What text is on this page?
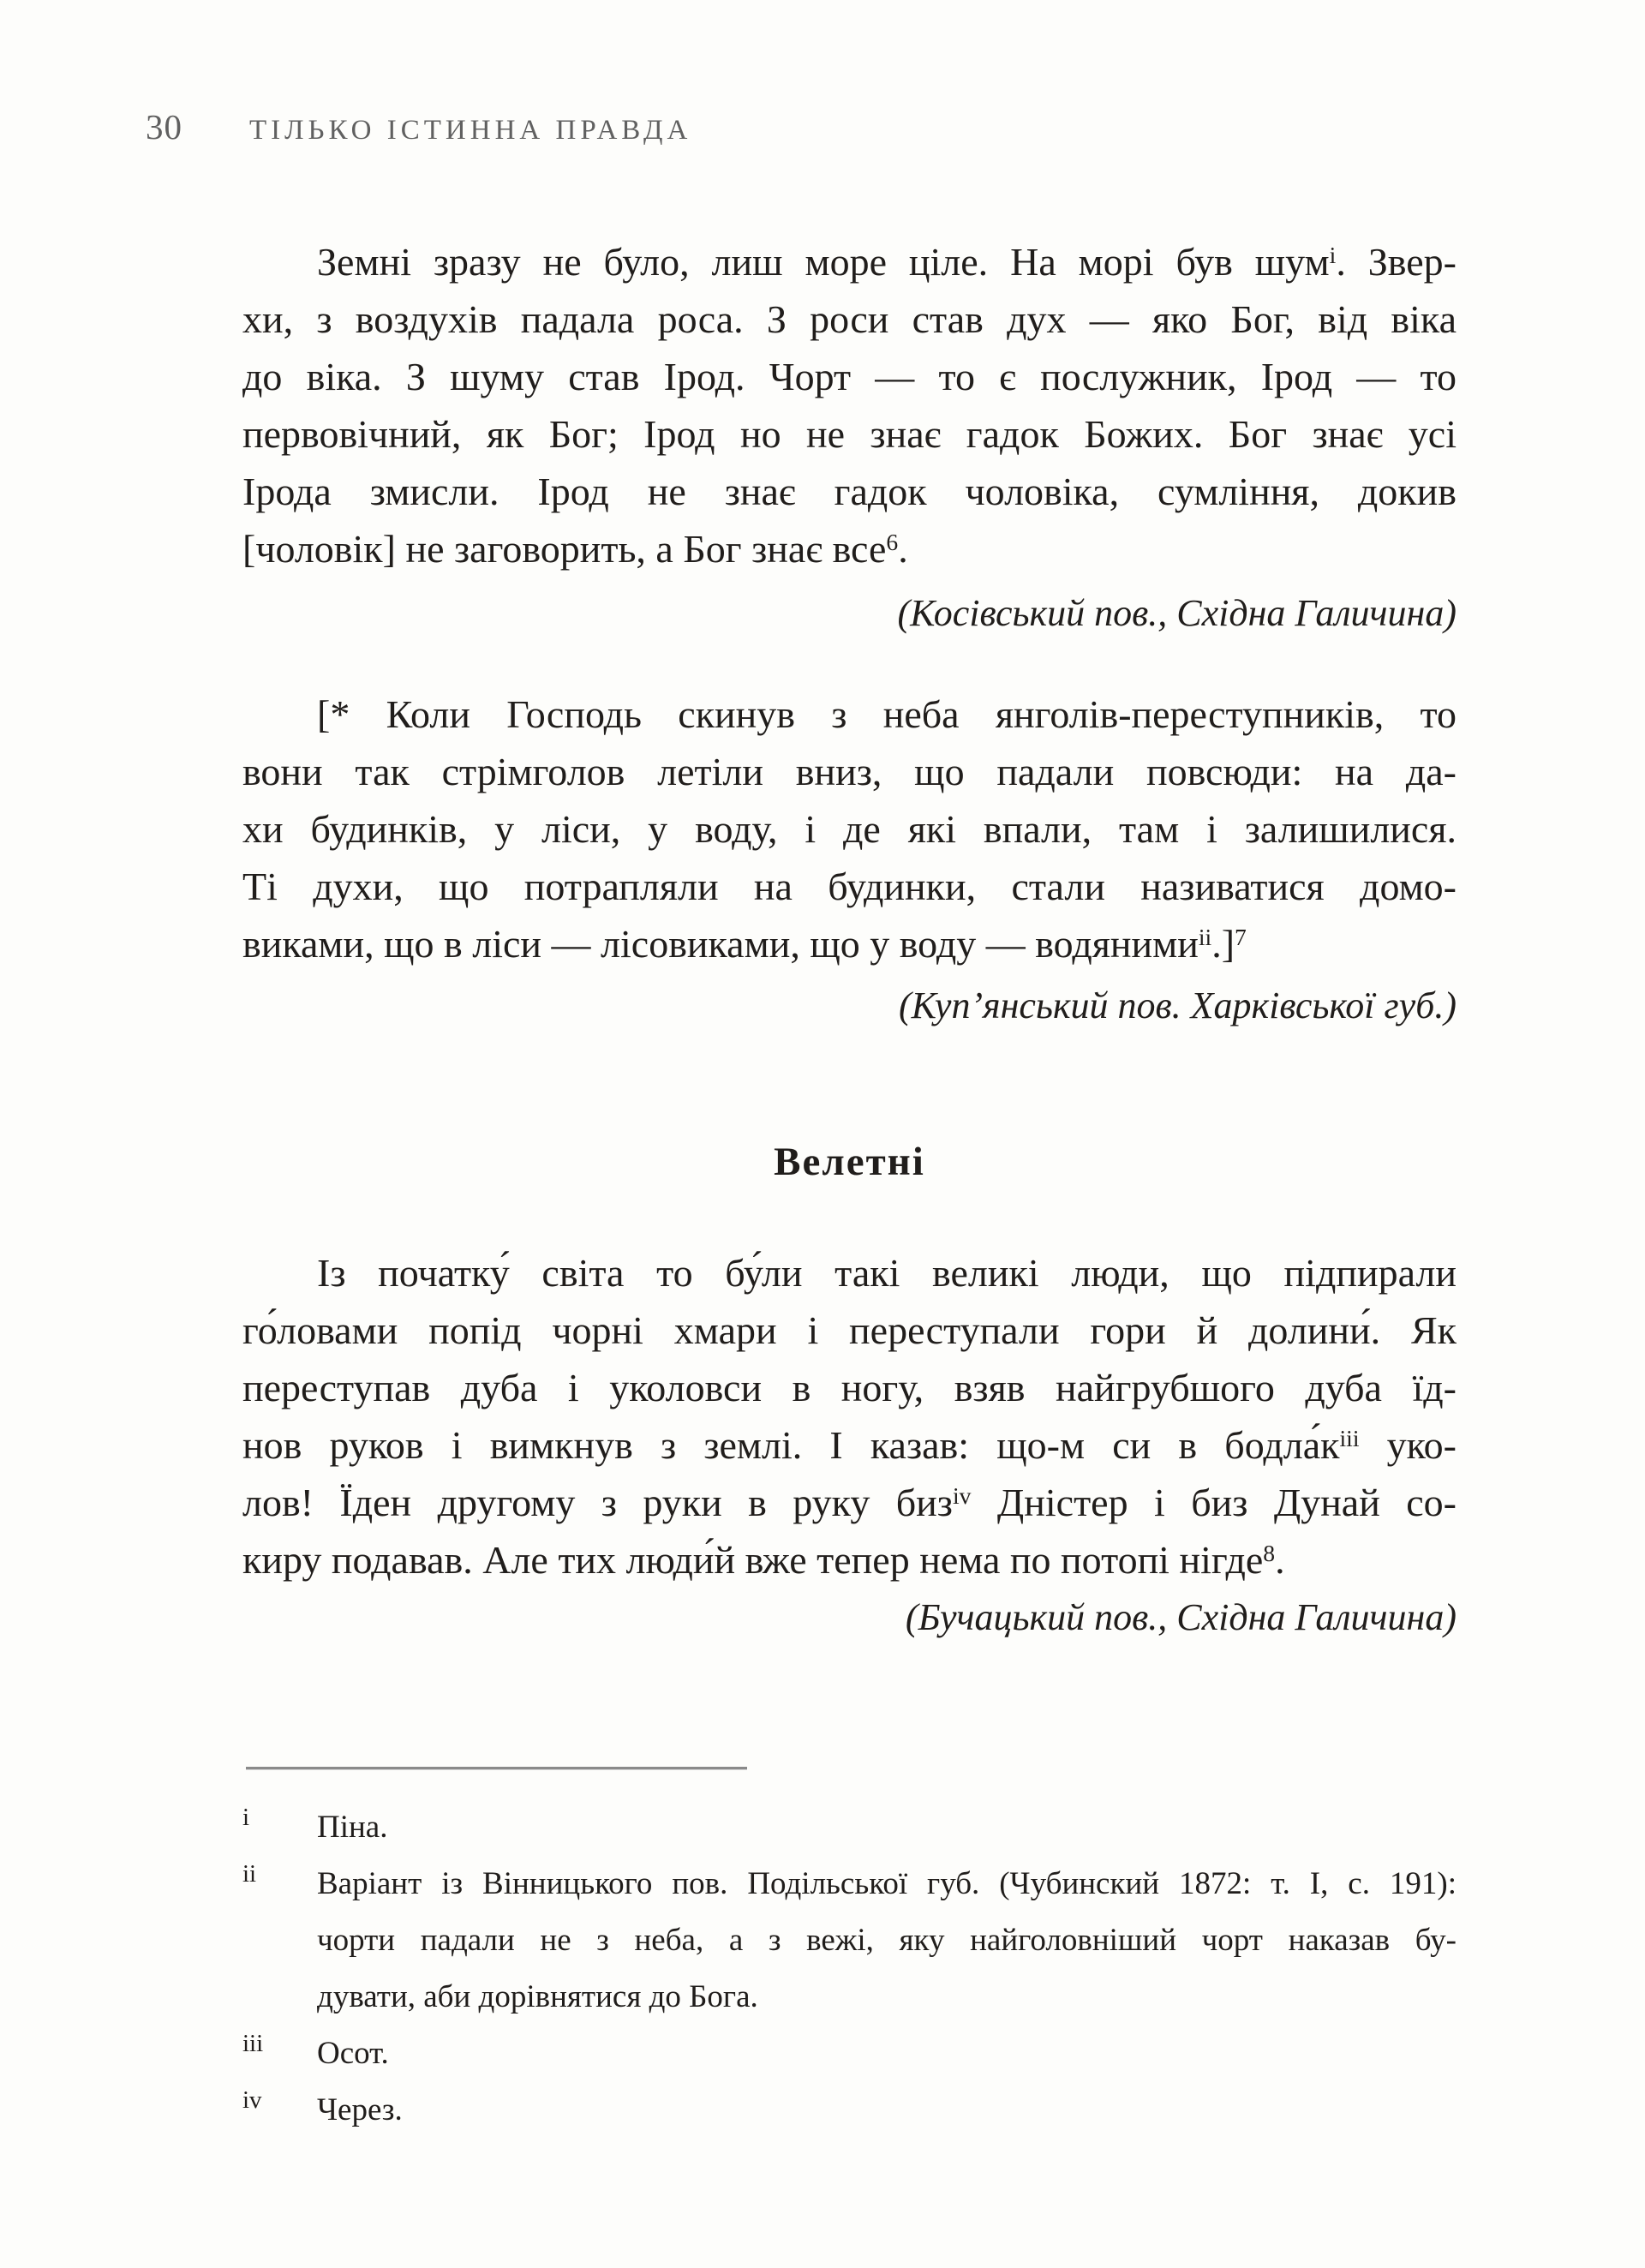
30 ТІЛЬКО ІСТИННА ПРАВДА
Земні зразу не було, лиш море ціле. На морі був шум$^i$. Звер-
хи, з воздухів падала роса. З роси став дух — яко Бог, від віка
до віка. З шуму став Ірод. Чорт — то є послужник, Ірод — то
первовічний, як Бог; Ірод но не знає гадок Божих. Бог знає усі
Ірода змисли. Ірод не знає гадок чоловіка, сумління, докив
[чоловік] не заговорить, а Бог знає все$^6$.
(Косівський пов., Східна Галичина)
[* Коли Господь скинув з неба янголів-переступників, то
вони так стрімголов летіли вниз, що падали повсюди: на да-
хи будинків, у ліси, у воду, і де які впали, там і залишилися.
Ті духи, що потрапляли на будинки, стали називатися домо-
виками, що в ліси — лісовиками, що у воду — водяними$^{ii}$.]$^7$
(Куп’янський пов. Харківської губ.)
Велетні
Із початку́ світа то бу́ли такі великі люди, що підпирали
го́ловами попід чорні хмари і переступали гори й долини́. Як
переступав дуба і уколовси в ногу, взяв найгрубшого дуба їд-
нов руков і вимкнув з землі. І казав: що-м си в $бодла́к^{iii}$ уко-
лов! Їден другому з руки в руку биз$^{iv}$ Дністер і биз Дунай со-
киру подавав. Але тих люди́й вже тепер нема по потопі нігде$^8$.
(Бучацький пов., Східна Галичина)
i	Піна.
ii	Варіант із Вінницького пов. Подільської губ. (Чубинский 1872: т. І, с. 191):
чорти падали не з неба, а з вежі, яку найголовніший чорт наказав бу-
дувати, аби дорівнятися до Бога.
iii	Осот.
iv	Через.
